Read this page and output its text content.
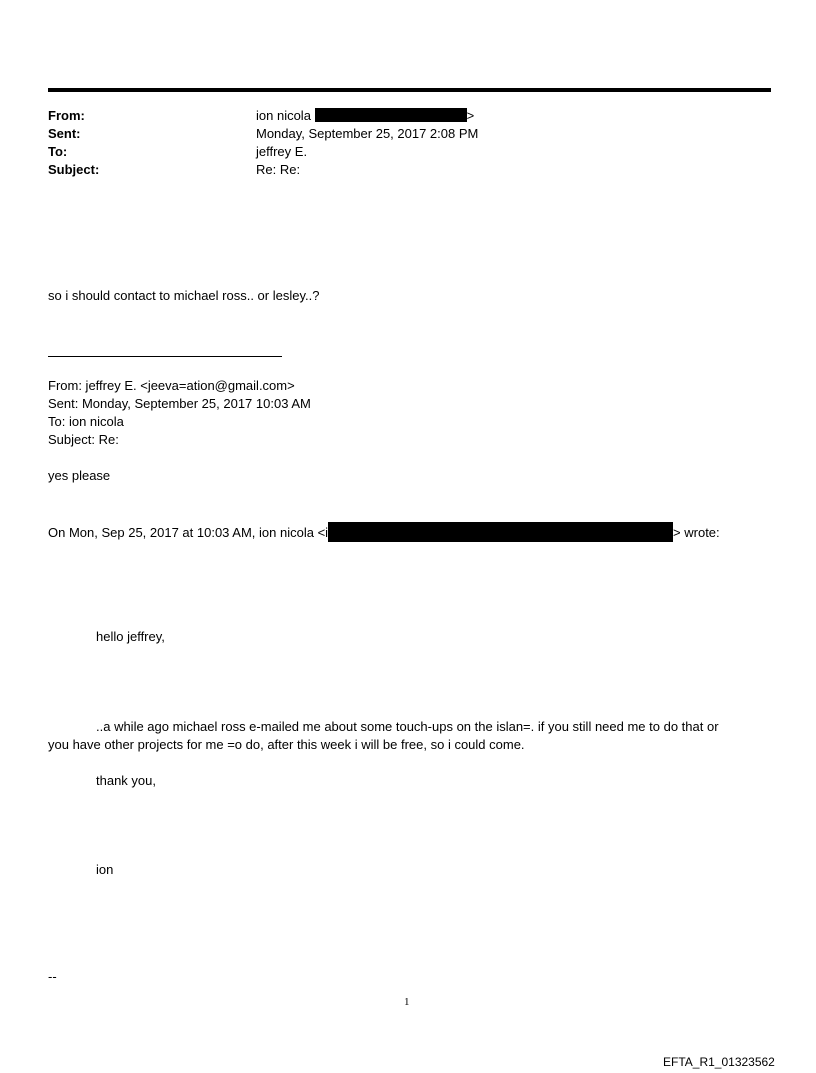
From:	ion nicola	>
Sent:	Monday, September 25, 2017 2:08 PM
To:	jeffrey E.
Subject:	Re: Re:
so i should contact to michael ross.. or lesley..?
From: jeffrey E. <jeeva=ation@gmail.com>
Sent: Monday, September 25, 2017 10:03 AM
To: ion nicola
Subject: Re:
yes please
On Mon, Sep 25, 2017 at 10:03 AM, ion nicola <i	> wrote:
hello jeffrey,
..a while ago michael ross e-mailed me about some touch-ups on the islan=. if you still need me to do that or
you have other projects for me =o do, after this week i will be free, so i could come.
thank you,
ion
--
1
EFTA_R1_01323562
